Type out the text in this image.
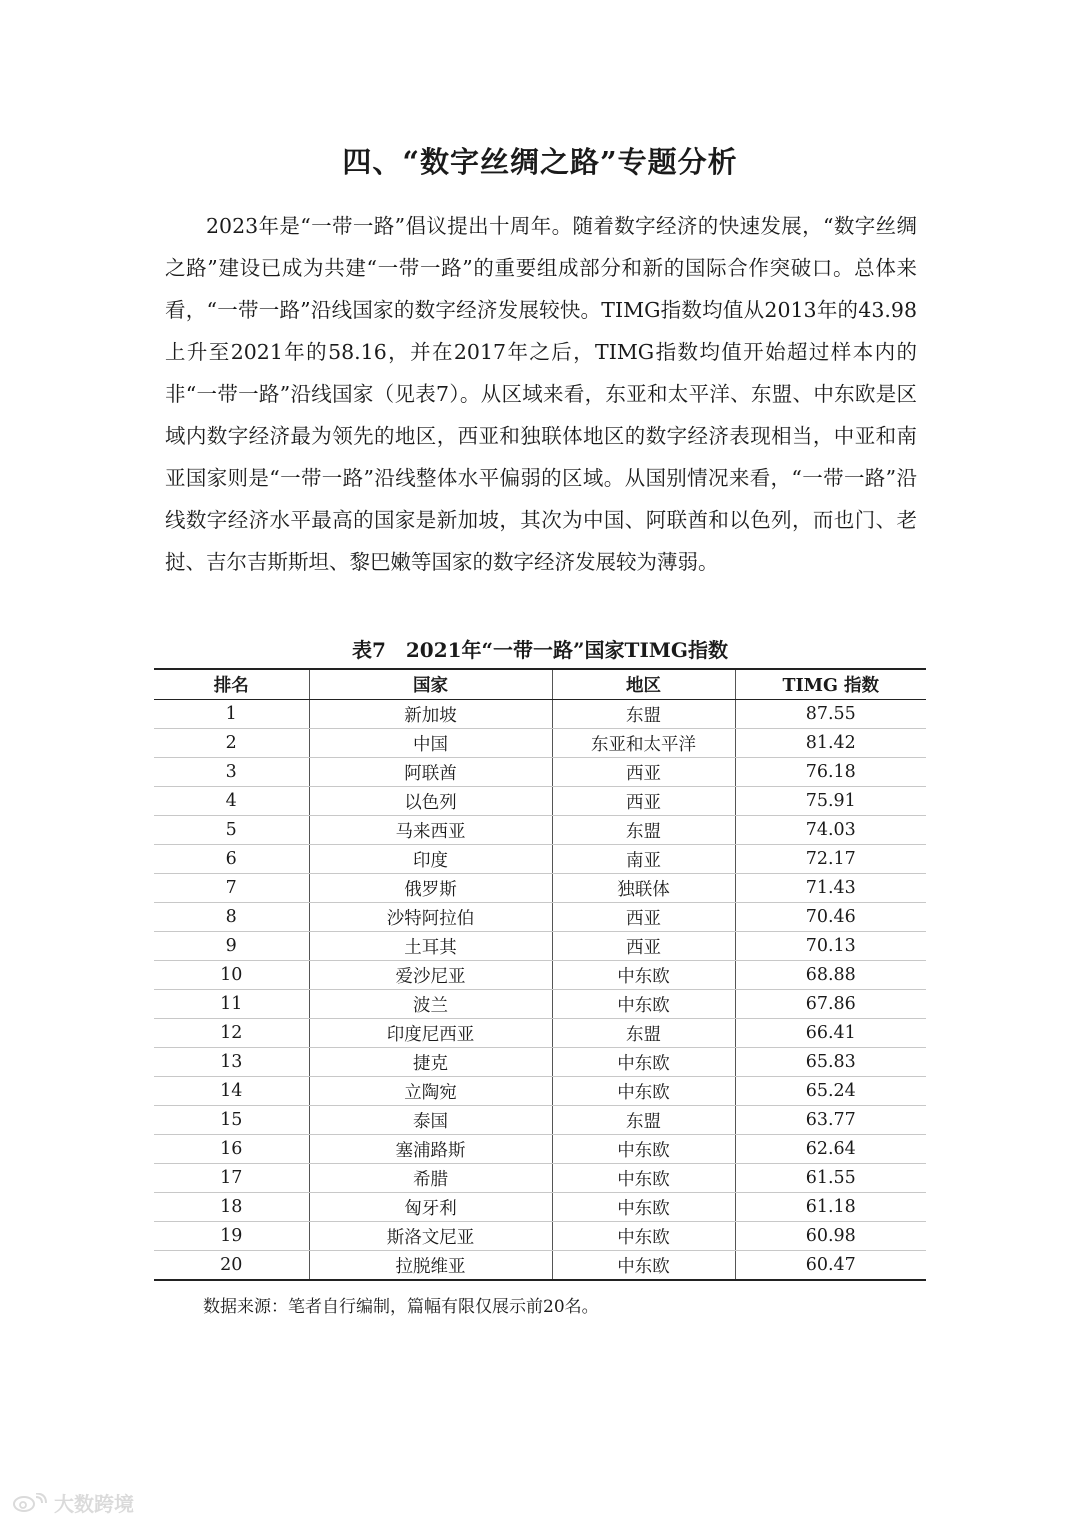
四、“数字丝绸之路”专题分析

2023年是“一带一路”倡议提出十周年。随着数字经济的快速发展，“数字丝绸之路”建设已成为共建“一带一路”的重要组成部分和新的国际合作突破口。总体来看，“一带一路”沿线国家的数字经济发展较快。TIMG指数均值从2013年的43.98上升至2021年的58.16，并在2017年之后，TIMG指数均值开始超过样本内的非“一带一路”沿线国家（见表7）。从区域来看，东亚和太平洋、东盟、中东欧是区域内数字经济最为领先的地区，西亚和独联体地区的数字经济表现相当，中亚和南亚国家则是“一带一路”沿线整体水平偏弱的区域。从国别情况来看，“一带一路”沿线数字经济水平最高的国家是新加坡，其次为中国、阿联酋和以色列，而也门、老挝、吉尔吉斯斯坦、黎巴嫩等国家的数字经济发展较为薄弱。

表7　2021年“一带一路”国家TIMG指数
排名	国家	地区	TIMG 指数
1	新加坡	东盟	87.55
2	中国	东亚和太平洋	81.42
3	阿联酋	西亚	76.18
4	以色列	西亚	75.91
5	马来西亚	东盟	74.03
6	印度	南亚	72.17
7	俄罗斯	独联体	71.43
8	沙特阿拉伯	西亚	70.46
9	土耳其	西亚	70.13
10	爱沙尼亚	中东欧	68.88
11	波兰	中东欧	67.86
12	印度尼西亚	东盟	66.41
13	捷克	中东欧	65.83
14	立陶宛	中东欧	65.24
15	泰国	东盟	63.77
16	塞浦路斯	中东欧	62.64
17	希腊	中东欧	61.55
18	匈牙利	中东欧	61.18
19	斯洛文尼亚	中东欧	60.98
20	拉脱维亚	中东欧	60.47
数据来源：笔者自行编制，篇幅有限仅展示前20名。
大数跨境
